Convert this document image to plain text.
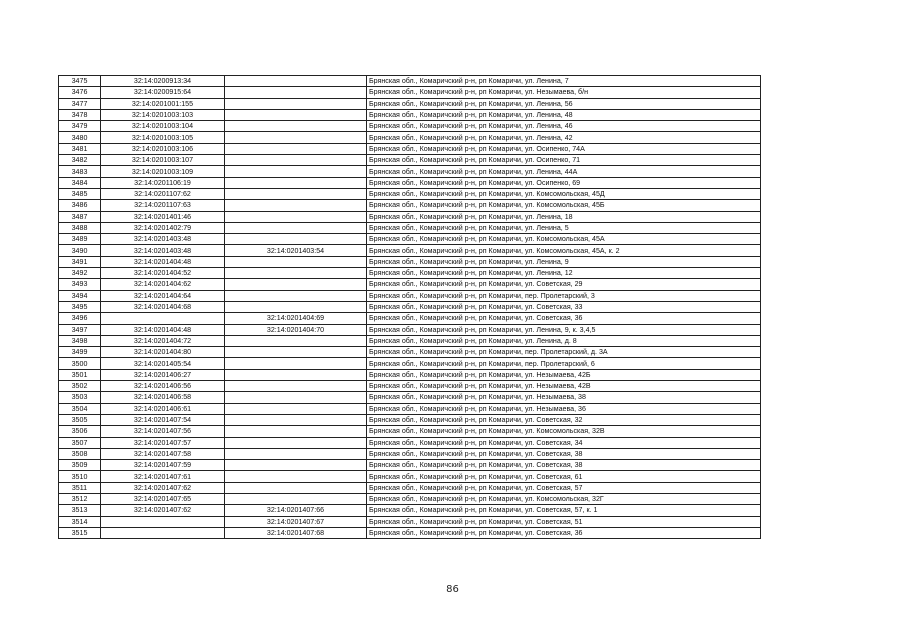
3475	32:14:0200913:34		Брянская обл., Комаричский р-н, рп Комаричи, ул. Ленина, 7
3476	32:14:0200915:64		Брянская обл., Комаричский р-н, рп Комаричи, ул. Незымаева, б/н
3477	32:14:0201001:155		Брянская обл., Комаричский р-н, рп Комаричи, ул. Ленина, 56
3478	32:14:0201003:103		Брянская обл., Комаричский р-н, рп Комаричи, ул. Ленина, 48
3479	32:14:0201003:104		Брянская обл., Комаричский р-н, рп Комаричи, ул. Ленина, 46
3480	32:14:0201003:105		Брянская обл., Комаричский р-н, рп Комаричи, ул. Ленина, 42
3481	32:14:0201003:106		Брянская обл., Комаричский р-н, рп Комаричи, ул. Осипенко, 74А
3482	32:14:0201003:107		Брянская обл., Комаричский р-н, рп Комаричи, ул. Осипенко, 71
3483	32:14:0201003:109		Брянская обл., Комаричский р-н, рп Комаричи, ул. Ленина, 44А
3484	32:14:0201106:19		Брянская обл., Комаричский р-н, рп Комаричи, ул. Осипенко, 69
3485	32:14:0201107:62		Брянская обл., Комаричский р-н, рп Комаричи, ул. Комсомольская, 45Д
3486	32:14:0201107:63		Брянская обл., Комаричский р-н, рп Комаричи, ул. Комсомольская, 45Б
3487	32:14:0201401:46		Брянская обл., Комаричский р-н, рп Комаричи, ул. Ленина, 18
3488	32:14:0201402:79		Брянская обл., Комаричский р-н, рп Комаричи, ул. Ленина, 5
3489	32:14:0201403:48		Брянская обл., Комаричский р-н, рп Комаричи, ул. Комсомольская, 45А
3490	32:14:0201403:48	32:14:0201403:54	Брянская обл., Комаричский р-н, рп Комаричи, ул. Комсомольская, 45А, к. 2
3491	32:14:0201404:48		Брянская обл., Комаричский р-н, рп Комаричи, ул. Ленина, 9
3492	32:14:0201404:52		Брянская обл., Комаричский р-н, рп Комаричи, ул. Ленина, 12
3493	32:14:0201404:62		Брянская обл., Комаричский р-н, рп Комаричи, ул. Советская, 29
3494	32:14:0201404:64		Брянская обл., Комаричский р-н, рп Комаричи, пер. Пролетарский, 3
3495	32:14:0201404:68		Брянская обл., Комаричский р-н, рп Комаричи, ул. Советская, 33
3496		32:14:0201404:69	Брянская обл., Комаричский р-н, рп Комаричи, ул. Советская, 36
3497	32:14:0201404:48	32:14:0201404:70	Брянская обл., Комаричский р-н, рп Комаричи, ул. Ленина, 9, к. 3,4,5
3498	32:14:0201404:72		Брянская обл., Комаричский р-н, рп Комаричи, ул. Ленина, д. 8
3499	32:14:0201404:80		Брянская обл., Комаричский р-н, рп Комаричи, пер. Пролетарский, д. 3А
3500	32:14:0201405:54		Брянская обл., Комаричский р-н, рп Комаричи, пер. Пролетарский, 6
3501	32:14:0201406:27		Брянская обл., Комаричский р-н, рп Комаричи, ул. Незымаева, 42Б
3502	32:14:0201406:56		Брянская обл., Комаричский р-н, рп Комаричи, ул. Незымаева, 42В
3503	32:14:0201406:58		Брянская обл., Комаричский р-н, рп Комаричи, ул. Незымаева, 38
3504	32:14:0201406:61		Брянская обл., Комаричский р-н, рп Комаричи, ул. Незымаева, 36
3505	32:14:0201407:54		Брянская обл., Комаричский р-н, рп Комаричи, ул. Советская, 32
3506	32:14:0201407:56		Брянская обл., Комаричский р-н, рп Комаричи, ул. Комсомольская, 32В
3507	32:14:0201407:57		Брянская обл., Комаричский р-н, рп Комаричи, ул. Советская, 34
3508	32:14:0201407:58		Брянская обл., Комаричский р-н, рп Комаричи, ул. Советская, 38
3509	32:14:0201407:59		Брянская обл., Комаричский р-н, рп Комаричи, ул. Советская, 38
3510	32:14:0201407:61		Брянская обл., Комаричский р-н, рп Комаричи, ул. Советская, 61
3511	32:14:0201407:62		Брянская обл., Комаричский р-н, рп Комаричи, ул. Советская, 57
3512	32:14:0201407:65		Брянская обл., Комаричский р-н, рп Комаричи, ул. Комсомольская, 32Г
3513	32:14:0201407:62	32:14:0201407:66	Брянская обл., Комаричский р-н, рп Комаричи, ул. Советская, 57, к. 1
3514		32:14:0201407:67	Брянская обл., Комаричский р-н, рп Комаричи, ул. Советская, 51
3515		32:14:0201407:68	Брянская обл., Комаричский р-н, рп Комаричи, ул. Советская, 36
86
